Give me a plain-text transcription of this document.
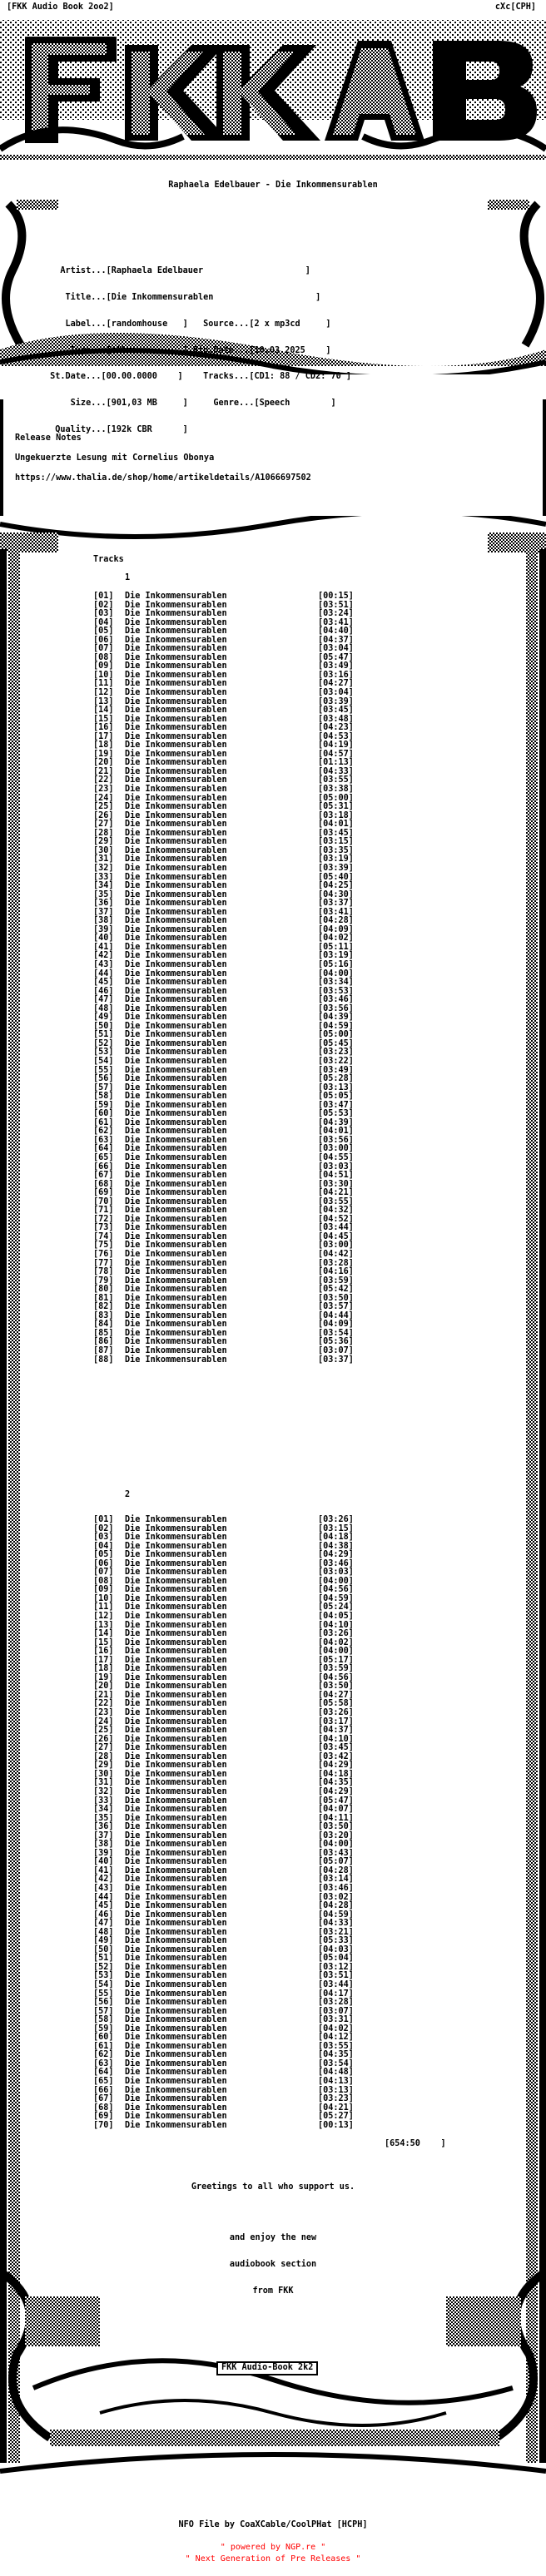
[FKK Audio Book 2oo2]	cXc[CPH]
Raphaela Edelbauer - Die Inkommensurablen

Artist...[Raphaela Edelbauer                    ]

Title...[Die Inkommensurablen                    ]

Label...[randomhouse   ]   Source...[2 x mp3cd     ]

Type...[Album         ] Rip.Date...[10.03.2025    ]

St.Date...[00.00.0000    ]    Tracks...[CD1: 88 / CD2: 70 ]

Size...[901,03 MB     ]     Genre...[Speech        ]

Quality...[192k CBR      ]

Release Notes
Ungekuerzte Lesung mit Cornelius Obonya
https://www.thalia.de/shop/home/artikeldetails/A1066697502
Tracks
1
[01]	Die Inkommensurablen	[00:15]
[02]	Die Inkommensurablen	[03:51]
[03]	Die Inkommensurablen	[03:24]
[04]	Die Inkommensurablen	[03:41]
[05]	Die Inkommensurablen	[04:40]
[06]	Die Inkommensurablen	[04:37]
[07]	Die Inkommensurablen	[03:04]
[08]	Die Inkommensurablen	[05:47]
[09]	Die Inkommensurablen	[03:49]
[10]	Die Inkommensurablen	[03:16]
[11]	Die Inkommensurablen	[04:27]
[12]	Die Inkommensurablen	[03:04]
[13]	Die Inkommensurablen	[03:39]
[14]	Die Inkommensurablen	[03:45]
[15]	Die Inkommensurablen	[03:48]
[16]	Die Inkommensurablen	[04:23]
[17]	Die Inkommensurablen	[04:53]
[18]	Die Inkommensurablen	[04:19]
[19]	Die Inkommensurablen	[04:57]
[20]	Die Inkommensurablen	[01:13]
[21]	Die Inkommensurablen	[04:33]
[22]	Die Inkommensurablen	[03:55]
[23]	Die Inkommensurablen	[03:38]
[24]	Die Inkommensurablen	[05:00]
[25]	Die Inkommensurablen	[05:31]
[26]	Die Inkommensurablen	[03:18]
[27]	Die Inkommensurablen	[04:01]
[28]	Die Inkommensurablen	[03:45]
[29]	Die Inkommensurablen	[03:15]
[30]	Die Inkommensurablen	[03:35]
[31]	Die Inkommensurablen	[03:19]
[32]	Die Inkommensurablen	[03:39]
[33]	Die Inkommensurablen	[05:40]
[34]	Die Inkommensurablen	[04:25]
[35]	Die Inkommensurablen	[04:30]
[36]	Die Inkommensurablen	[03:37]
[37]	Die Inkommensurablen	[03:41]
[38]	Die Inkommensurablen	[04:28]
[39]	Die Inkommensurablen	[04:09]
[40]	Die Inkommensurablen	[04:02]
[41]	Die Inkommensurablen	[05:11]
[42]	Die Inkommensurablen	[03:19]
[43]	Die Inkommensurablen	[05:16]
[44]	Die Inkommensurablen	[04:00]
[45]	Die Inkommensurablen	[03:34]
[46]	Die Inkommensurablen	[03:53]
[47]	Die Inkommensurablen	[03:46]
[48]	Die Inkommensurablen	[03:56]
[49]	Die Inkommensurablen	[04:39]
[50]	Die Inkommensurablen	[04:59]
[51]	Die Inkommensurablen	[05:00]
[52]	Die Inkommensurablen	[05:45]
[53]	Die Inkommensurablen	[03:23]
[54]	Die Inkommensurablen	[03:22]
[55]	Die Inkommensurablen	[03:49]
[56]	Die Inkommensurablen	[05:28]
[57]	Die Inkommensurablen	[03:13]
[58]	Die Inkommensurablen	[05:05]
[59]	Die Inkommensurablen	[03:47]
[60]	Die Inkommensurablen	[05:53]
[61]	Die Inkommensurablen	[04:39]
[62]	Die Inkommensurablen	[04:01]
[63]	Die Inkommensurablen	[03:56]
[64]	Die Inkommensurablen	[03:00]
[65]	Die Inkommensurablen	[04:55]
[66]	Die Inkommensurablen	[03:03]
[67]	Die Inkommensurablen	[04:51]
[68]	Die Inkommensurablen	[03:30]
[69]	Die Inkommensurablen	[04:21]
[70]	Die Inkommensurablen	[03:55]
[71]	Die Inkommensurablen	[04:32]
[72]	Die Inkommensurablen	[04:52]
[73]	Die Inkommensurablen	[03:44]
[74]	Die Inkommensurablen	[04:45]
[75]	Die Inkommensurablen	[03:00]
[76]	Die Inkommensurablen	[04:42]
[77]	Die Inkommensurablen	[03:28]
[78]	Die Inkommensurablen	[04:16]
[79]	Die Inkommensurablen	[03:59]
[80]	Die Inkommensurablen	[05:42]
[81]	Die Inkommensurablen	[03:50]
[82]	Die Inkommensurablen	[03:57]
[83]	Die Inkommensurablen	[04:44]
[84]	Die Inkommensurablen	[04:09]
[85]	Die Inkommensurablen	[03:54]
[86]	Die Inkommensurablen	[05:36]
[87]	Die Inkommensurablen	[03:07]
[88]	Die Inkommensurablen	[03:37]
2
[01]	Die Inkommensurablen	[03:26]
[02]	Die Inkommensurablen	[03:15]
[03]	Die Inkommensurablen	[04:18]
[04]	Die Inkommensurablen	[04:38]
[05]	Die Inkommensurablen	[04:29]
[06]	Die Inkommensurablen	[03:46]
[07]	Die Inkommensurablen	[03:03]
[08]	Die Inkommensurablen	[04:00]
[09]	Die Inkommensurablen	[04:56]
[10]	Die Inkommensurablen	[04:59]
[11]	Die Inkommensurablen	[05:24]
[12]	Die Inkommensurablen	[04:05]
[13]	Die Inkommensurablen	[04:10]
[14]	Die Inkommensurablen	[03:26]
[15]	Die Inkommensurablen	[04:02]
[16]	Die Inkommensurablen	[04:00]
[17]	Die Inkommensurablen	[05:17]
[18]	Die Inkommensurablen	[03:59]
[19]	Die Inkommensurablen	[04:56]
[20]	Die Inkommensurablen	[03:50]
[21]	Die Inkommensurablen	[04:27]
[22]	Die Inkommensurablen	[05:58]
[23]	Die Inkommensurablen	[03:26]
[24]	Die Inkommensurablen	[03:17]
[25]	Die Inkommensurablen	[04:37]
[26]	Die Inkommensurablen	[04:10]
[27]	Die Inkommensurablen	[03:45]
[28]	Die Inkommensurablen	[03:42]
[29]	Die Inkommensurablen	[04:29]
[30]	Die Inkommensurablen	[04:18]
[31]	Die Inkommensurablen	[04:35]
[32]	Die Inkommensurablen	[04:29]
[33]	Die Inkommensurablen	[05:47]
[34]	Die Inkommensurablen	[04:07]
[35]	Die Inkommensurablen	[04:11]
[36]	Die Inkommensurablen	[03:50]
[37]	Die Inkommensurablen	[03:20]
[38]	Die Inkommensurablen	[04:00]
[39]	Die Inkommensurablen	[03:43]
[40]	Die Inkommensurablen	[05:07]
[41]	Die Inkommensurablen	[04:28]
[42]	Die Inkommensurablen	[03:14]
[43]	Die Inkommensurablen	[03:46]
[44]	Die Inkommensurablen	[03:02]
[45]	Die Inkommensurablen	[04:28]
[46]	Die Inkommensurablen	[04:59]
[47]	Die Inkommensurablen	[04:33]
[48]	Die Inkommensurablen	[03:21]
[49]	Die Inkommensurablen	[05:33]
[50]	Die Inkommensurablen	[04:03]
[51]	Die Inkommensurablen	[05:04]
[52]	Die Inkommensurablen	[03:12]
[53]	Die Inkommensurablen	[03:51]
[54]	Die Inkommensurablen	[03:44]
[55]	Die Inkommensurablen	[04:17]
[56]	Die Inkommensurablen	[03:28]
[57]	Die Inkommensurablen	[03:07]
[58]	Die Inkommensurablen	[03:31]
[59]	Die Inkommensurablen	[04:02]
[60]	Die Inkommensurablen	[04:12]
[61]	Die Inkommensurablen	[03:55]
[62]	Die Inkommensurablen	[04:35]
[63]	Die Inkommensurablen	[03:54]
[64]	Die Inkommensurablen	[04:48]
[65]	Die Inkommensurablen	[04:13]
[66]	Die Inkommensurablen	[03:13]
[67]	Die Inkommensurablen	[03:23]
[68]	Die Inkommensurablen	[04:21]
[69]	Die Inkommensurablen	[05:27]
[70]	Die Inkommensurablen	[00:13]
[654:50    ]
Greetings to all who support us.

and enjoy the new

audiobook section

from FKK

FKK Audio-Book 2k2
NFO File by CoaXCable/CoolPHat [HCPH]
" powered by NGP.re "
" Next Generation of Pre Releases "
